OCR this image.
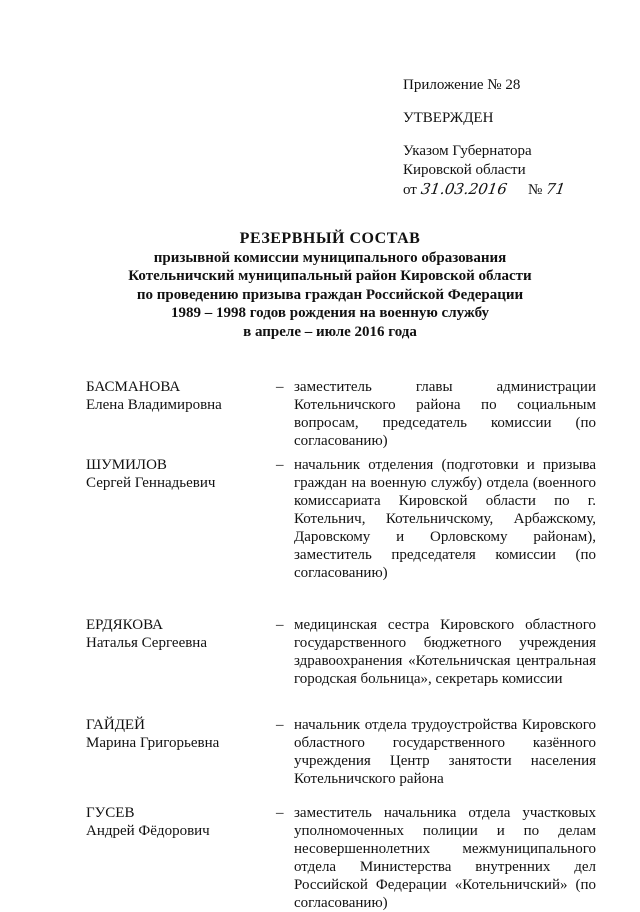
Приложение № 28
УТВЕРЖДЕН
Указом Губернатора
Кировской области
от 31.03.2016 № 71
РЕЗЕРВНЫЙ СОСТАВ
призывной комиссии муниципального образования
Котельничский муниципальный район Кировской области
по проведению призыва граждан Российской Федерации
1989 – 1998 годов рождения на военную службу
в апреле – июле 2016 года
БАСМАНОВА
Елена Владимировна
– заместитель главы администрации Котельничского района по социальным вопросам, председатель комиссии (по согласованию)
ШУМИЛОВ
Сергей Геннадьевич
– начальник отделения (подготовки и призыва граждан на военную службу) отдела (военного комиссариата Кировской области по г. Котельнич, Котельничскому, Арбажскому, Даровскому и Орловскому районам), заместитель председателя комиссии (по согласованию)
ЕРДЯКОВА
Наталья Сергеевна
– медицинская сестра Кировского областного государственного бюджетного учреждения здравоохранения «Котельничская центральная городская больница», секретарь комиссии
ГАЙДЕЙ
Марина Григорьевна
– начальник отдела трудоустройства Кировского областного государственного казённого учреждения Центр занятости населения Котельничского района
ГУСЕВ
Андрей Фёдорович
– заместитель начальника отдела участковых уполномоченных полиции и по делам несовершеннолетних межмуниципального отдела Министерства внутренних дел Российской Федерации «Котельничский» (по согласованию)
